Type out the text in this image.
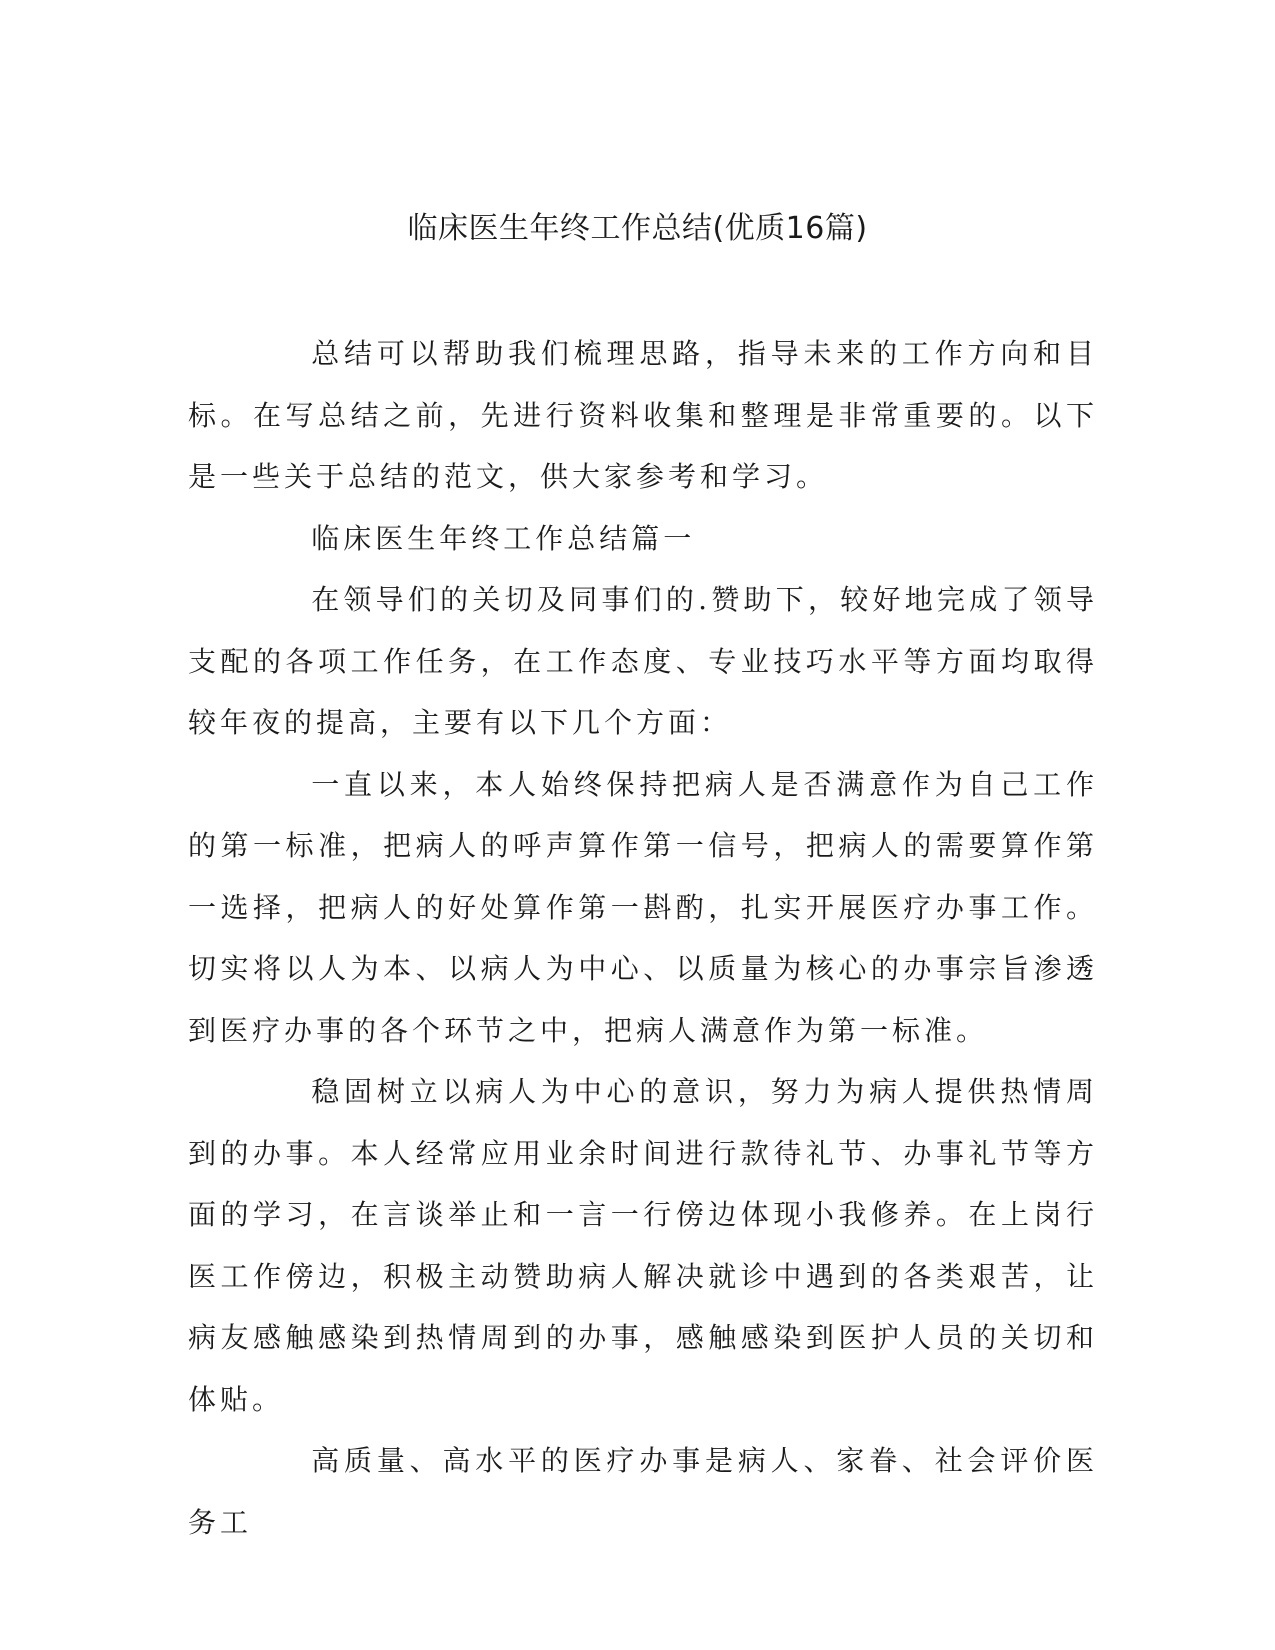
临床医生年终工作总结(优质16篇)

总结可以帮助我们梳理思路，指导未来的工作方向和目标。在写总结之前，先进行资料收集和整理是非常重要的。以下是一些关于总结的范文，供大家参考和学习。

临床医生年终工作总结篇一

在领导们的关切及同事们的.赞助下，较好地完成了领导支配的各项工作任务，在工作态度、专业技巧水平等方面均取得较年夜的提高，主要有以下几个方面：

一直以来，本人始终保持把病人是否满意作为自己工作的第一标准，把病人的呼声算作第一信号，把病人的需要算作第一选择，把病人的好处算作第一斟酌，扎实开展医疗办事工作。切实将以人为本、以病人为中心、以质量为核心的办事宗旨渗透到医疗办事的各个环节之中，把病人满意作为第一标准。

稳固树立以病人为中心的意识，努力为病人提供热情周到的办事。本人经常应用业余时间进行款待礼节、办事礼节等方面的学习，在言谈举止和一言一行傍边体现小我修养。在上岗行医工作傍边，积极主动赞助病人解决就诊中遇到的各类艰苦，让病友感触感染到热情周到的办事，感触感染到医护人员的关切和体贴。

高质量、高水平的医疗办事是病人、家眷、社会评价医务工
